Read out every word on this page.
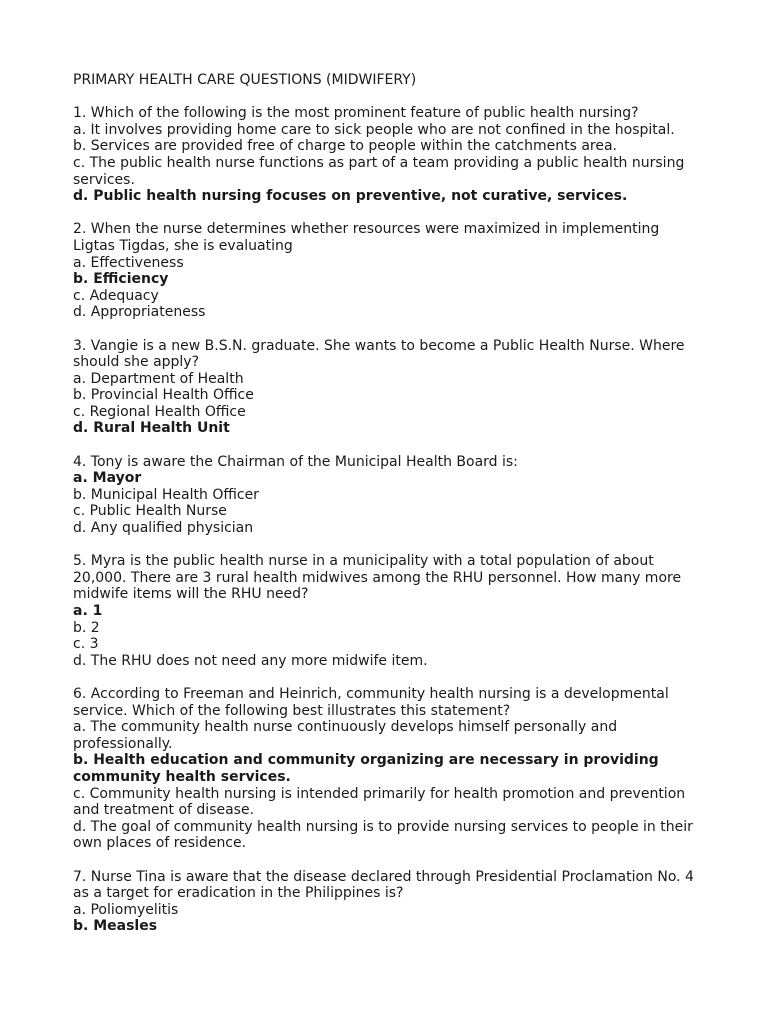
PRIMARY HEALTH CARE QUESTIONS (MIDWIFERY)

1. Which of the following is the most prominent feature of public health nursing?
a. It involves providing home care to sick people who are not confined in the hospital.
b. Services are provided free of charge to people within the catchments area.
c. The public health nurse functions as part of a team providing a public health nursing services.
d. Public health nursing focuses on preventive, not curative, services.
2. When the nurse determines whether resources were maximized in implementing Ligtas Tigdas, she is evaluating
a. Effectiveness
b. Efficiency
c. Adequacy
d. Appropriateness
3. Vangie is a new B.S.N. graduate. She wants to become a Public Health Nurse. Where should she apply?
a. Department of Health
b. Provincial Health Office
c. Regional Health Office
d. Rural Health Unit
4. Tony is aware the Chairman of the Municipal Health Board is:
a. Mayor
b. Municipal Health Officer
c. Public Health Nurse
d. Any qualified physician
5. Myra is the public health nurse in a municipality with a total population of about 20,000. There are 3 rural health midwives among the RHU personnel. How many more midwife items will the RHU need?
a. 1
b. 2
c. 3
d. The RHU does not need any more midwife item.
6. According to Freeman and Heinrich, community health nursing is a developmental service. Which of the following best illustrates this statement?
a. The community health nurse continuously develops himself personally and professionally.
b. Health education and community organizing are necessary in providing community health services.
c. Community health nursing is intended primarily for health promotion and prevention and treatment of disease.
d. The goal of community health nursing is to provide nursing services to people in their own places of residence.
7. Nurse Tina is aware that the disease declared through Presidential Proclamation No. 4 as a target for eradication in the Philippines is?
a. Poliomyelitis
b. Measles
